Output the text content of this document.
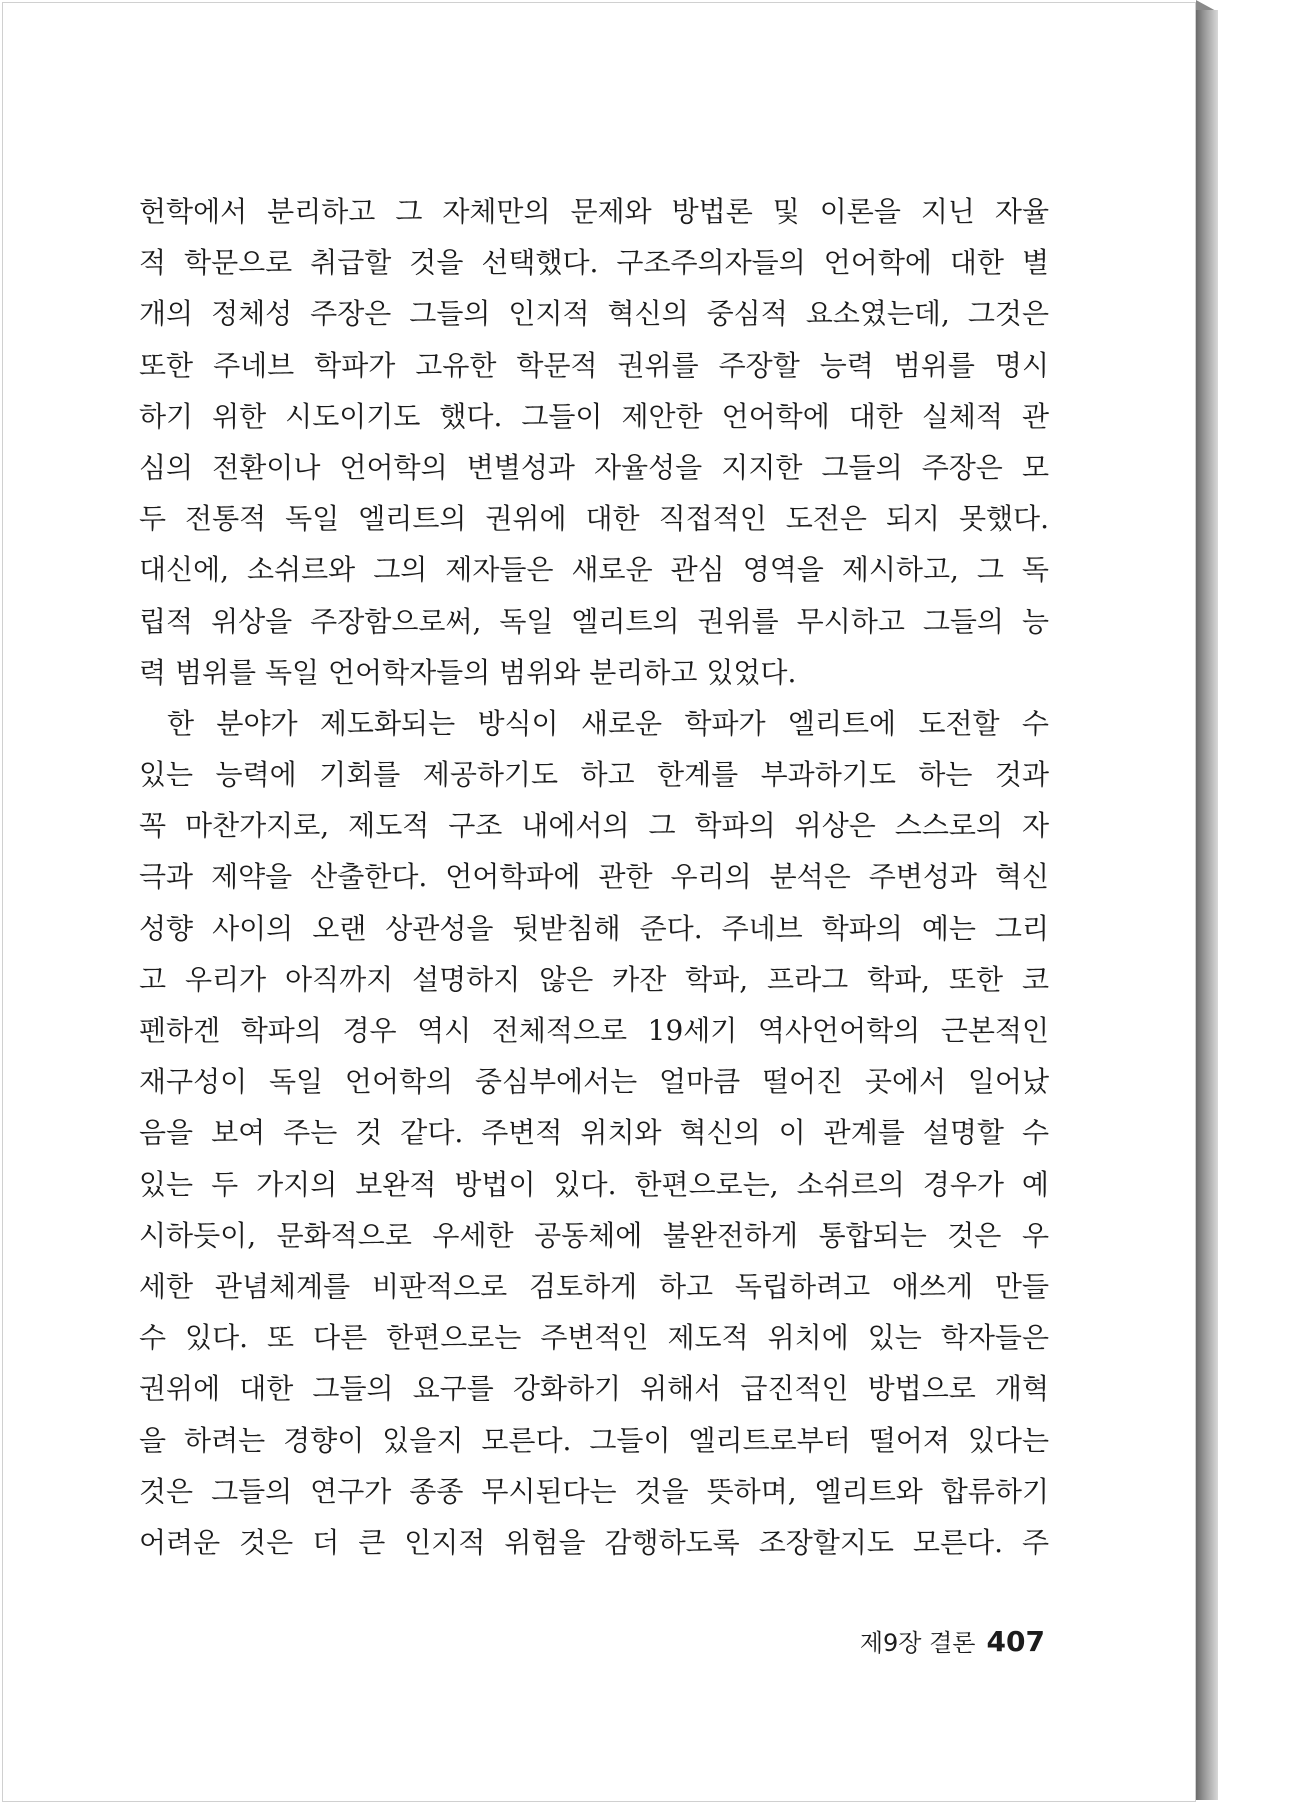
헌학에서 분리하고 그 자체만의 문제와 방법론 및 이론을 지닌 자율
적 학문으로 취급할 것을 선택했다. 구조주의자들의 언어학에 대한 별
개의 정체성 주장은 그들의 인지적 혁신의 중심적 요소였는데, 그것은
또한 주네브 학파가 고유한 학문적 권위를 주장할 능력 범위를 명시
하기 위한 시도이기도 했다. 그들이 제안한 언어학에 대한 실체적 관
심의 전환이나 언어학의 변별성과 자율성을 지지한 그들의 주장은 모
두 전통적 독일 엘리트의 권위에 대한 직접적인 도전은 되지 못했다.
대신에, 소쉬르와 그의 제자들은 새로운 관심 영역을 제시하고, 그 독
립적 위상을 주장함으로써, 독일 엘리트의 권위를 무시하고 그들의 능
력 범위를 독일 언어학자들의 범위와 분리하고 있었다.
한 분야가 제도화되는 방식이 새로운 학파가 엘리트에 도전할 수
있는 능력에 기회를 제공하기도 하고 한계를 부과하기도 하는 것과
꼭 마찬가지로, 제도적 구조 내에서의 그 학파의 위상은 스스로의 자
극과 제약을 산출한다. 언어학파에 관한 우리의 분석은 주변성과 혁신
성향 사이의 오랜 상관성을 뒷받침해 준다. 주네브 학파의 예는 그리
고 우리가 아직까지 설명하지 않은 카잔 학파, 프라그 학파, 또한 코
펜하겐 학파의 경우 역시 전체적으로 19세기 역사언어학의 근본적인
재구성이 독일 언어학의 중심부에서는 얼마큼 떨어진 곳에서 일어났
음을 보여 주는 것 같다. 주변적 위치와 혁신의 이 관계를 설명할 수
있는 두 가지의 보완적 방법이 있다. 한편으로는, 소쉬르의 경우가 예
시하듯이, 문화적으로 우세한 공동체에 불완전하게 통합되는 것은 우
세한 관념체계를 비판적으로 검토하게 하고 독립하려고 애쓰게 만들
수 있다. 또 다른 한편으로는 주변적인 제도적 위치에 있는 학자들은
권위에 대한 그들의 요구를 강화하기 위해서 급진적인 방법으로 개혁
을 하려는 경향이 있을지 모른다. 그들이 엘리트로부터 떨어져 있다는
것은 그들의 연구가 종종 무시된다는 것을 뜻하며, 엘리트와 합류하기
어려운 것은 더 큰 인지적 위험을 감행하도록 조장할지도 모른다. 주
제9장 결론 407
